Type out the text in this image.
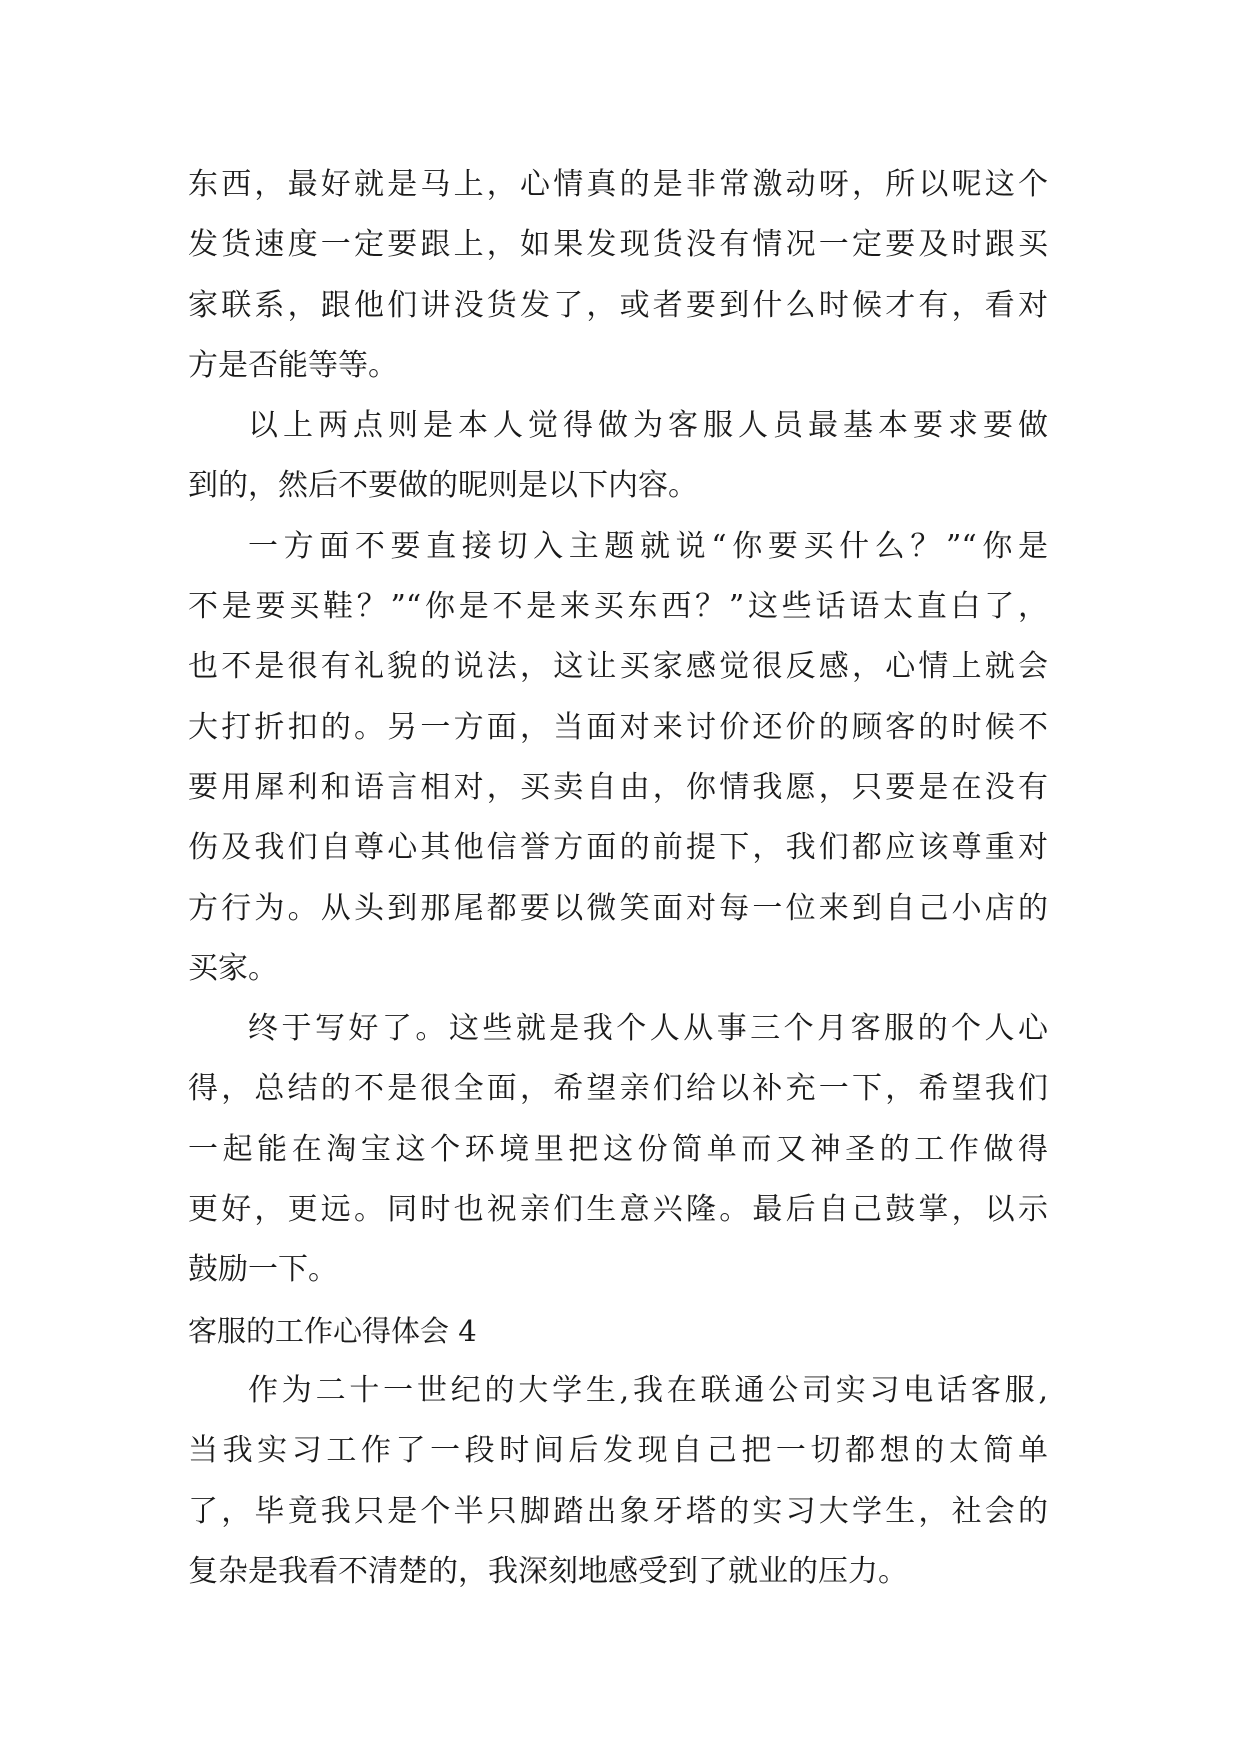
东西，最好就是马上，心情真的是非常激动呀，所以呢这个
发货速度一定要跟上，如果发现货没有情况一定要及时跟买
家联系，跟他们讲没货发了，或者要到什么时候才有，看对
方是否能等等。
以上两点则是本人觉得做为客服人员最基本要求要做
到的，然后不要做的昵则是以下内容。
一方面不要直接切入主题就说“你要买什么？”“你是
不是要买鞋？”“你是不是来买东西？”这些话语太直白了，
也不是很有礼貌的说法，这让买家感觉很反感，心情上就会
大打折扣的。另一方面，当面对来讨价还价的顾客的时候不
要用犀利和语言相对，买卖自由，你情我愿，只要是在没有
伤及我们自尊心其他信誉方面的前提下，我们都应该尊重对
方行为。从头到那尾都要以微笑面对每一位来到自己小店的
买家。
终于写好了。这些就是我个人从事三个月客服的个人心
得，总结的不是很全面，希望亲们给以补充一下，希望我们
一起能在淘宝这个环境里把这份简单而又神圣的工作做得
更好，更远。同时也祝亲们生意兴隆。最后自己鼓掌，以示
鼓励一下。
客服的工作心得体会 4
作为二十一世纪的大学生,我在联通公司实习电话客服,
当我实习工作了一段时间后发现自己把一切都想的太简单
了，毕竟我只是个半只脚踏出象牙塔的实习大学生，社会的
复杂是我看不清楚的，我深刻地感受到了就业的压力。
